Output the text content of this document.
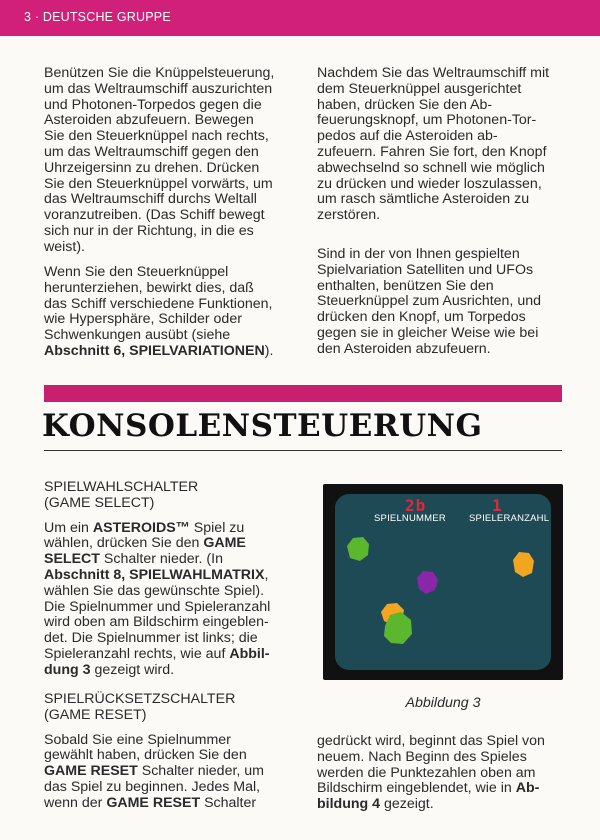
3 · DEUTSCHE GRUPPE

Benützen Sie die Knüppelsteuerung,
um das Weltraumschiff auszurichten
und Photonen-Torpedos gegen die
Asteroiden abzufeuern. Bewegen
Sie den Steuerknüppel nach rechts,
um das Weltraumschiff gegen den
Uhrzeigersinn zu drehen. Drücken
Sie den Steuerknüppel vorwärts, um
das Weltraumschiff durchs Weltall
voranzutreiben. (Das Schiff bewegt
sich nur in der Richtung, in die es
weist).

Wenn Sie den Steuerknüppel
herunterziehen, bewirkt dies, daß
das Schiff verschiedene Funktionen,
wie Hypersphäre, Schilder oder
Schwenkungen ausübt (siehe
Abschnitt 6, SPIELVARIATIONEN).

Nachdem Sie das Weltraumschiff mit
dem Steuerknüppel ausgerichtet
haben, drücken Sie den Ab-
feuerungsknopf, um Photonen-Tor-
pedos auf die Asteroiden ab-
zufeuern. Fahren Sie fort, den Knopf
abwechselnd so schnell wie möglich
zu drücken und wieder loszulassen,
um rasch sämtliche Asteroiden zu
zerstören.

Sind in der von Ihnen gespielten
Spielvariation Satelliten und UFOs
enthalten, benützen Sie den
Steuerknüppel zum Ausrichten, und
drücken den Knopf, um Torpedos
gegen sie in gleicher Weise wie bei
den Asteroiden abzufeuern.

KONSOLENSTEUERUNG
SPIELWAHLSCHALTER
(GAME SELECT)

Um ein ASTEROIDS™ Spiel zu
wählen, drücken Sie den GAME
SELECT Schalter nieder. (In
Abschnitt 8, SPIELWAHLMATRIX,
wählen Sie das gewünschte Spiel).
Die Spielnummer und Spieleranzahl
wird oben am Bildschirm eingeblen-
det. Die Spielnummer ist links; die
Spieleranzahl rechts, wie auf Abbil-
dung 3 gezeigt wird.

SPIELRÜCKSETZSCHALTER
(GAME RESET)

Sobald Sie eine Spielnummer
gewählt haben, drücken Sie den
GAME RESET Schalter nieder, um
das Spiel zu beginnen. Jedes Mal,
wenn der GAME RESET Schalter

2b	1
SPIELNUMMER SPIELERANZAHL
Abbildung 3

gedrückt wird, beginnt das Spiel von
neuem. Nach Beginn des Spieles
werden die Punktezahlen oben am
Bildschirm eingeblendet, wie in Ab-
bildung 4 gezeigt.
